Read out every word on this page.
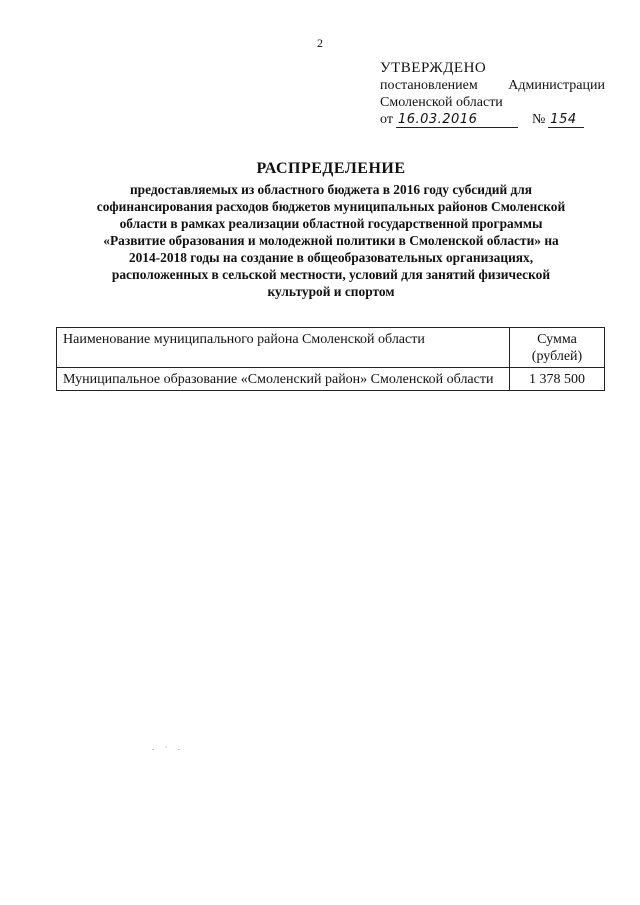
2
УТВЕРЖДЕНО
постановлением Администрации
Смоленской области
от 16.03.2016	№ 154
РАСПРЕДЕЛЕНИЕ
предоставляемых из областного бюджета в 2016 году субсидий для
софинансирования расходов бюджетов муниципальных районов Смоленской
области в рамках реализации областной государственной программы
«Развитие образования и молодежной политики в Смоленской области» на
2014-2018 годы на создание в общеобразовательных организациях,
расположенных в сельской местности, условий для занятий физической
культурой и спортом
Наименование муниципального района Смоленской области	Сумма (рублей)
Муниципальное образование «Смоленский район» Смоленской области	1 378 500
. · .
